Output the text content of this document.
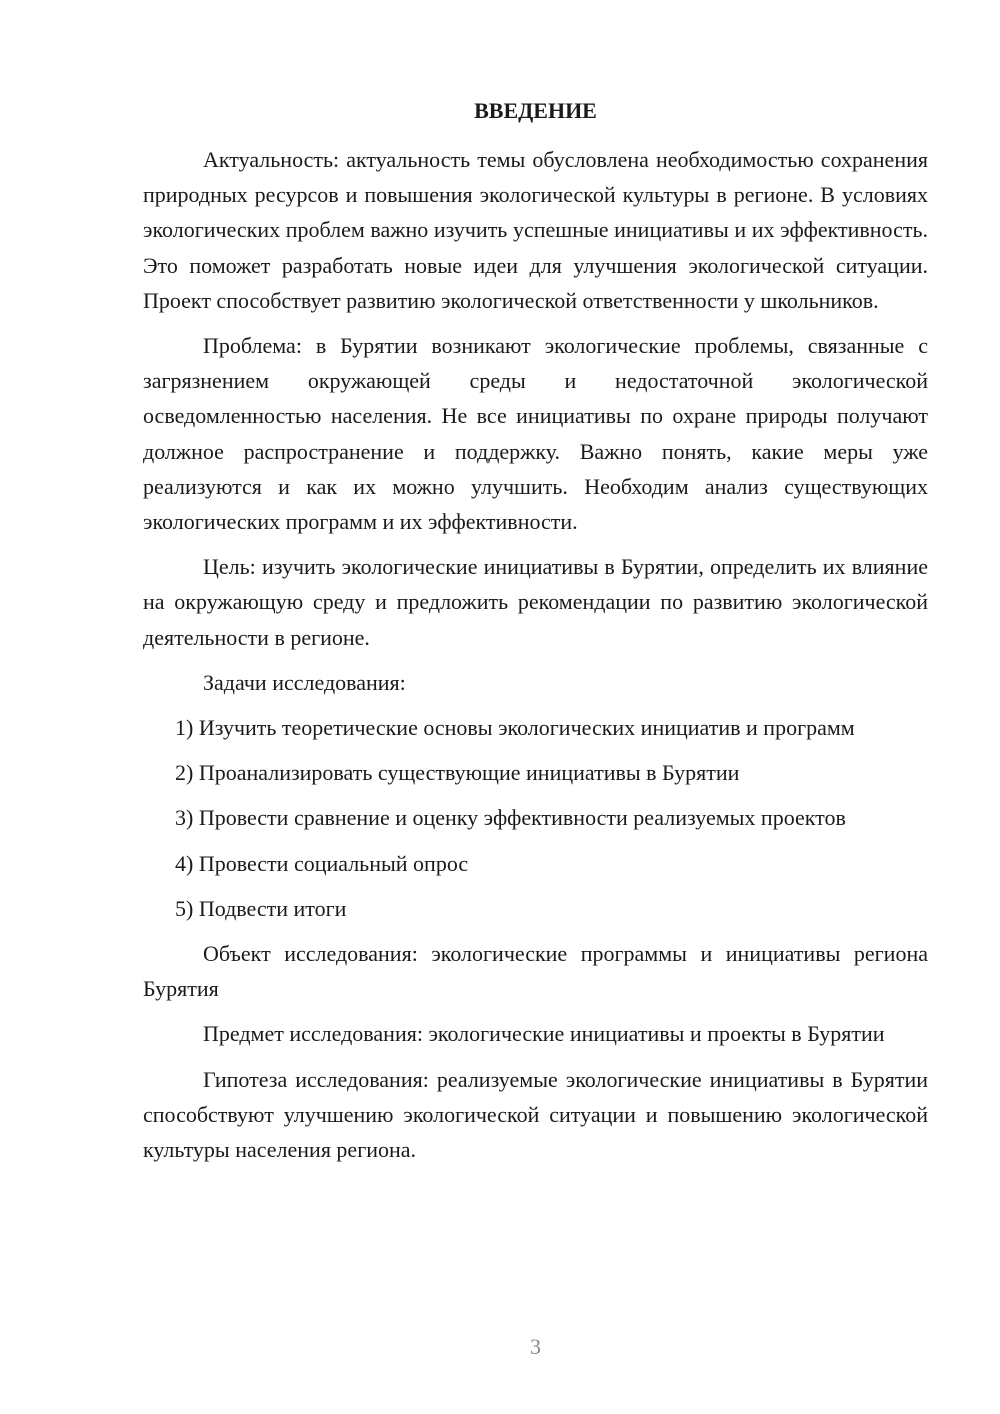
ВВЕДЕНИЕ

Актуальность: актуальность темы обусловлена необходимостью сохранения природных ресурсов и повышения экологической культуры в регионе. В условиях экологических проблем важно изучить успешные инициативы и их эффективность. Это поможет разработать новые идеи для улучшения экологической ситуации. Проект способствует развитию экологической ответственности у школьников.

Проблема: в Бурятии возникают экологические проблемы, связанные с загрязнением окружающей среды и недостаточной экологической осведомленностью населения. Не все инициативы по охране природы получают должное распространение и поддержку. Важно понять, какие меры уже реализуются и как их можно улучшить. Необходим анализ существующих экологических программ и их эффективности.

Цель: изучить экологические инициативы в Бурятии, определить их влияние на окружающую среду и предложить рекомендации по развитию экологической деятельности в регионе.

Задачи исследования:

1) Изучить теоретические основы экологических инициатив и программ

2) Проанализировать существующие инициативы в Бурятии

3) Провести сравнение и оценку эффективности реализуемых проектов

4) Провести социальный опрос

5) Подвести итоги

Объект исследования: экологические программы и инициативы региона Бурятия

Предмет исследования: экологические инициативы и проекты в Бурятии

Гипотеза исследования: реализуемые экологические инициативы в Бурятии способствуют улучшению экологической ситуации и повышению экологической культуры населения региона.

3
